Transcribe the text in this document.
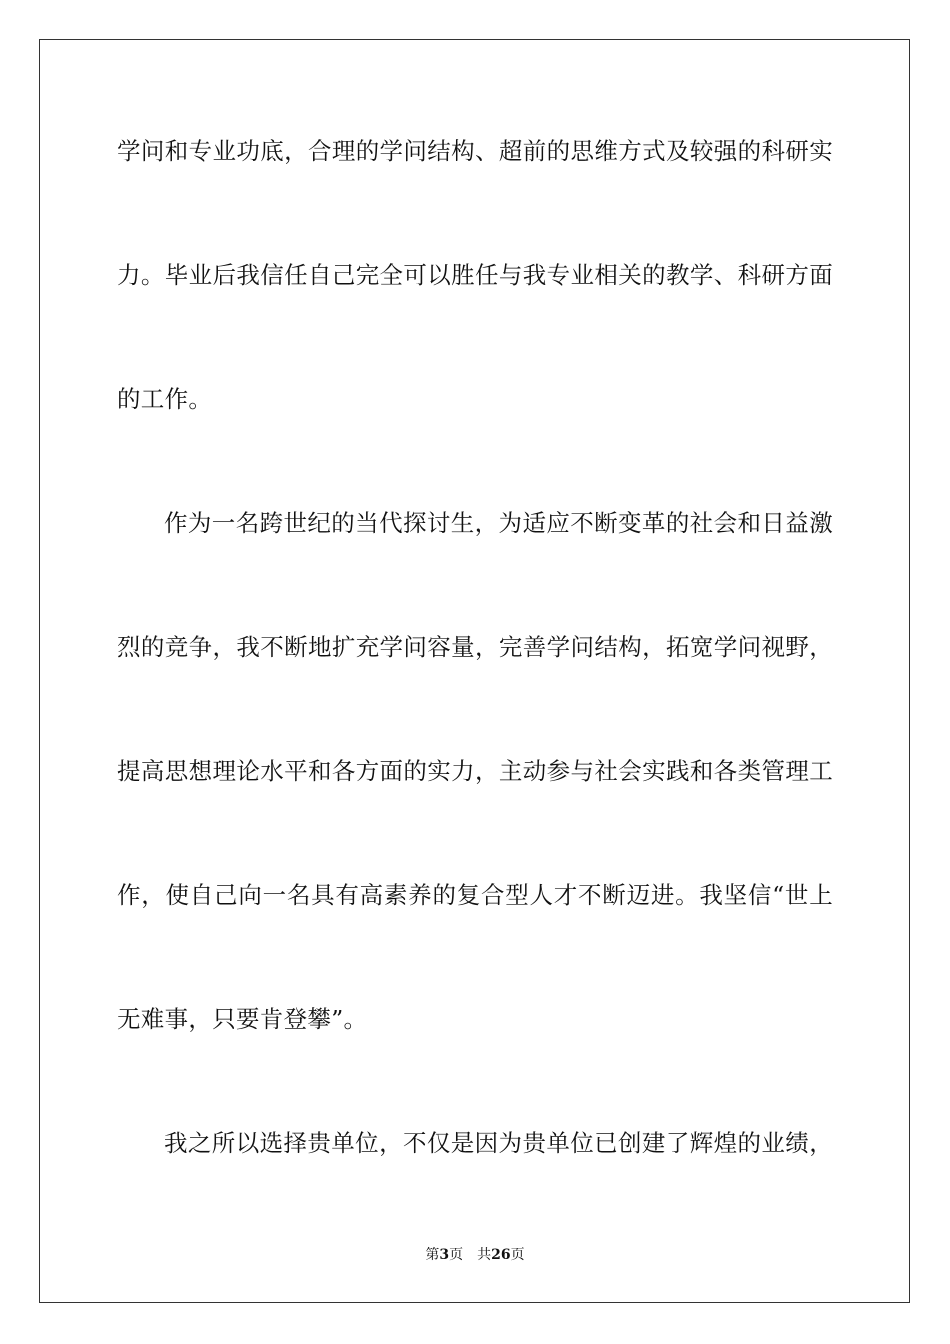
学问和专业功底，合理的学问结构、超前的思维方式及较强的科研实
力。毕业后我信任自己完全可以胜任与我专业相关的教学、科研方面
的工作。
作为一名跨世纪的当代探讨生，为适应不断变革的社会和日益激
烈的竞争，我不断地扩充学问容量，完善学问结构，拓宽学问视野，
提高思想理论水平和各方面的实力，主动参与社会实践和各类管理工
作，使自己向一名具有高素养的复合型人才不断迈进。我坚信“世上
无难事，只要肯登攀”。
我之所以选择贵单位，不仅是因为贵单位已创建了辉煌的业绩，
第3页 共26页
